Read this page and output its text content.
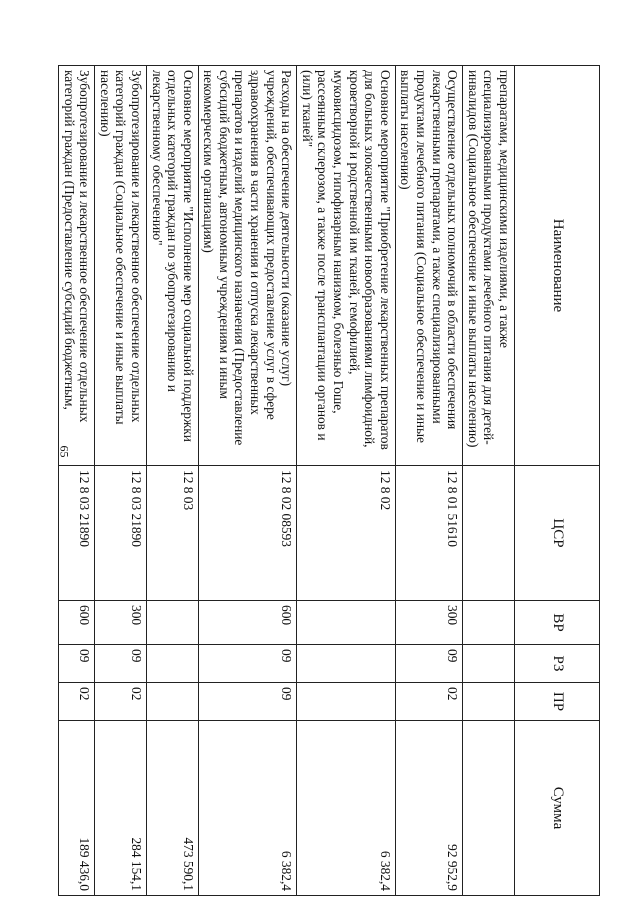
65
Наименование	ЦСР	ВР	РЗ	ПР	Сумма
препаратами, медицинскими изделиями, а также специализированными продуктами лечебного питания для детей-инвалидов (Социальное обеспечение и иные выплаты населению)					
Осуществление отдельных полномочий в области обеспечения лекарственными препаратами, а также специализированными продуктами лечебного питания (Социальное обеспечение и иные выплаты населению)	12 8 01 51610	300	09	02	92 952,9
Основное мероприятие "Приобретение лекарственных препаратов для больных злокачественными новообразованиями лимфоидной, кроветворной и родственной им тканей, гемофилией, муковисцидозом, гипофизарным нанизмом, болезнью Гоше, рассеянным склерозом, а также после трансплантации органов и (или) тканей"	12 8 02				6 382,4
Расходы на обеспечение деятельности (оказание услуг) учреждений, обеспечивающих предоставление услуг в сфере здравоохранения в части хранения и отпуска лекарственных препаратов и изделий медицинского назначения (Предоставление субсидий бюджетным, автономным учреждениям и иным некоммерческим организациям)	12 8 02 08593	600	09	09	6 382,4
Основное мероприятие "Исполнение мер социальной поддержки отдельных категорий граждан по зубопротезированию и лекарственному обеспечению"	12 8 03				473 590,1
Зубопротезирование и лекарственное обеспечение отдельных категорий граждан (Социальное обеспечение и иные выплаты населению)	12 8 03 21890	300	09	02	284 154,1
Зубопротезирование и лекарственное обеспечение отдельных категорий граждан (Предоставление субсидий бюджетным,	12 8 03 21890	600	09	02	189 436,0
